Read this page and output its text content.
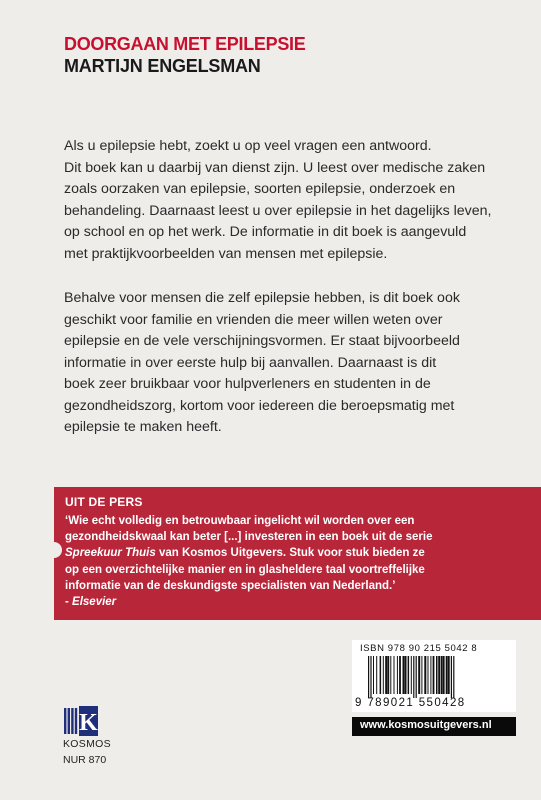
DOORGAAN MET EPILEPSIE
MARTIJN ENGELSMAN

Als u epilepsie hebt, zoekt u op veel vragen een antwoord.
Dit boek kan u daarbij van dienst zijn. U leest over medische zaken
zoals oorzaken van epilepsie, soorten epilepsie, onderzoek en
behandeling. Daarnaast leest u over epilepsie in het dagelijks leven,
op school en op het werk. De informatie in dit boek is aangevuld
met praktijkvoorbeelden van mensen met epilepsie.

Behalve voor mensen die zelf epilepsie hebben, is dit boek ook
geschikt voor familie en vrienden die meer willen weten over
epilepsie en de vele verschijningsvormen. Er staat bijvoorbeeld
informatie in over eerste hulp bij aanvallen. Daarnaast is dit
boek zeer bruikbaar voor hulpverleners en studenten in de
gezondheidszorg, kortom voor iedereen die beroepsmatig met
epilepsie te maken heeft.

UIT DE PERS

‘Wie echt volledig en betrouwbaar ingelicht wil worden over een
gezondheidskwaal kan beter [...] investeren in een boek uit de serie
Spreekuur Thuis van Kosmos Uitgevers. Stuk voor stuk bieden ze
op een overzichtelijke manier en in glasheldere taal voortreffelijke
informatie van de deskundigste specialisten van Nederland.’
- Elsevier

ISBN 978 90 215 5042 8
9 789021 550428
www.kosmosuitgevers.nl
K

KOSMOS

NUR 870
